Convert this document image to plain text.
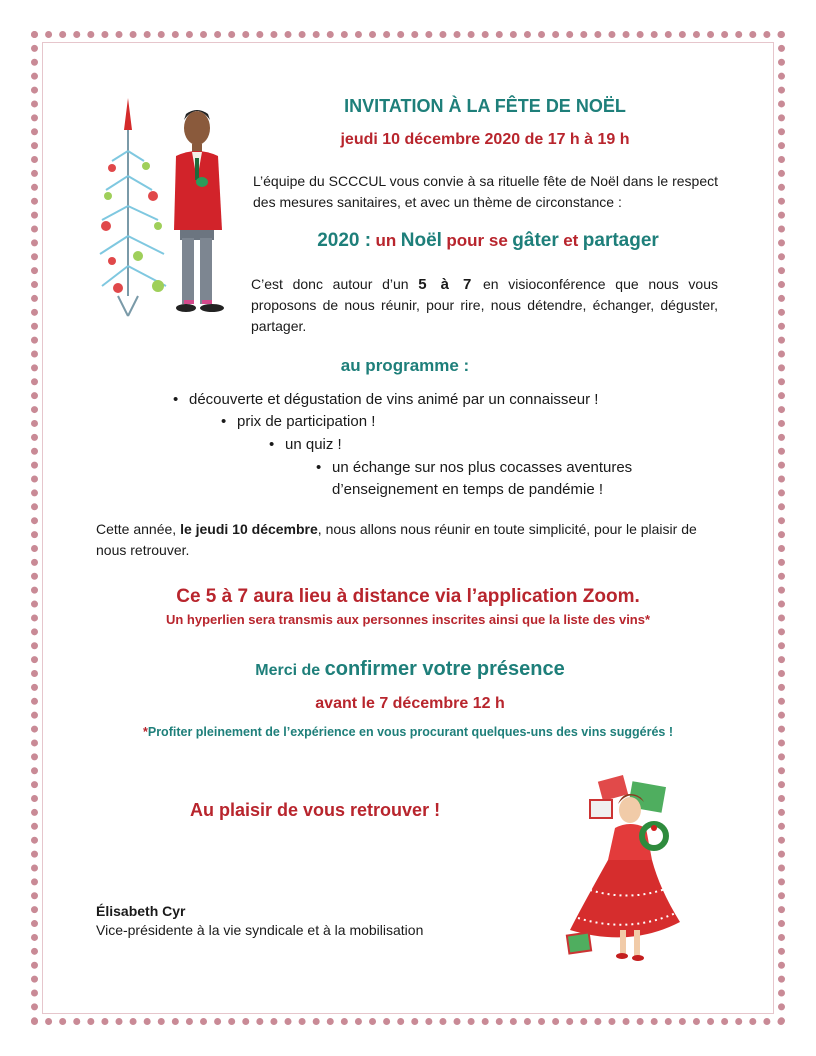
INVITATION À LA FÊTE DE NOËL
jeudi 10 décembre 2020 de 17 h à 19 h
L’équipe du SCCCUL vous convie à sa rituelle fête de Noël dans le respect des mesures sanitaires, et avec un thème de circonstance :
2020 : un Noël pour se gâter et partager
C’est donc autour d’un 5 à 7 en visioconférence que nous vous proposons de nous réunir, pour rire, nous détendre, échanger, déguster, partager.
au programme :
• découverte et dégustation de vins animé par un connaisseur !
• prix de participation !
• un quiz !
• un échange sur nos plus cocasses aventures d’enseignement en temps de pandémie !
Cette année, le jeudi 10 décembre, nous allons nous réunir en toute simplicité, pour le plaisir de nous retrouver.
Ce 5 à 7 aura lieu à distance via l’application Zoom.
Un hyperlien sera transmis aux personnes inscrites ainsi que la liste des vins*
Merci de confirmer votre présence
avant le 7 décembre 12 h
*Profiter pleinement de l’expérience en vous procurant quelques-uns des vins suggérés !
Au plaisir de vous retrouver !
Élisabeth Cyr
Vice-présidente à la vie syndicale et à la mobilisation
